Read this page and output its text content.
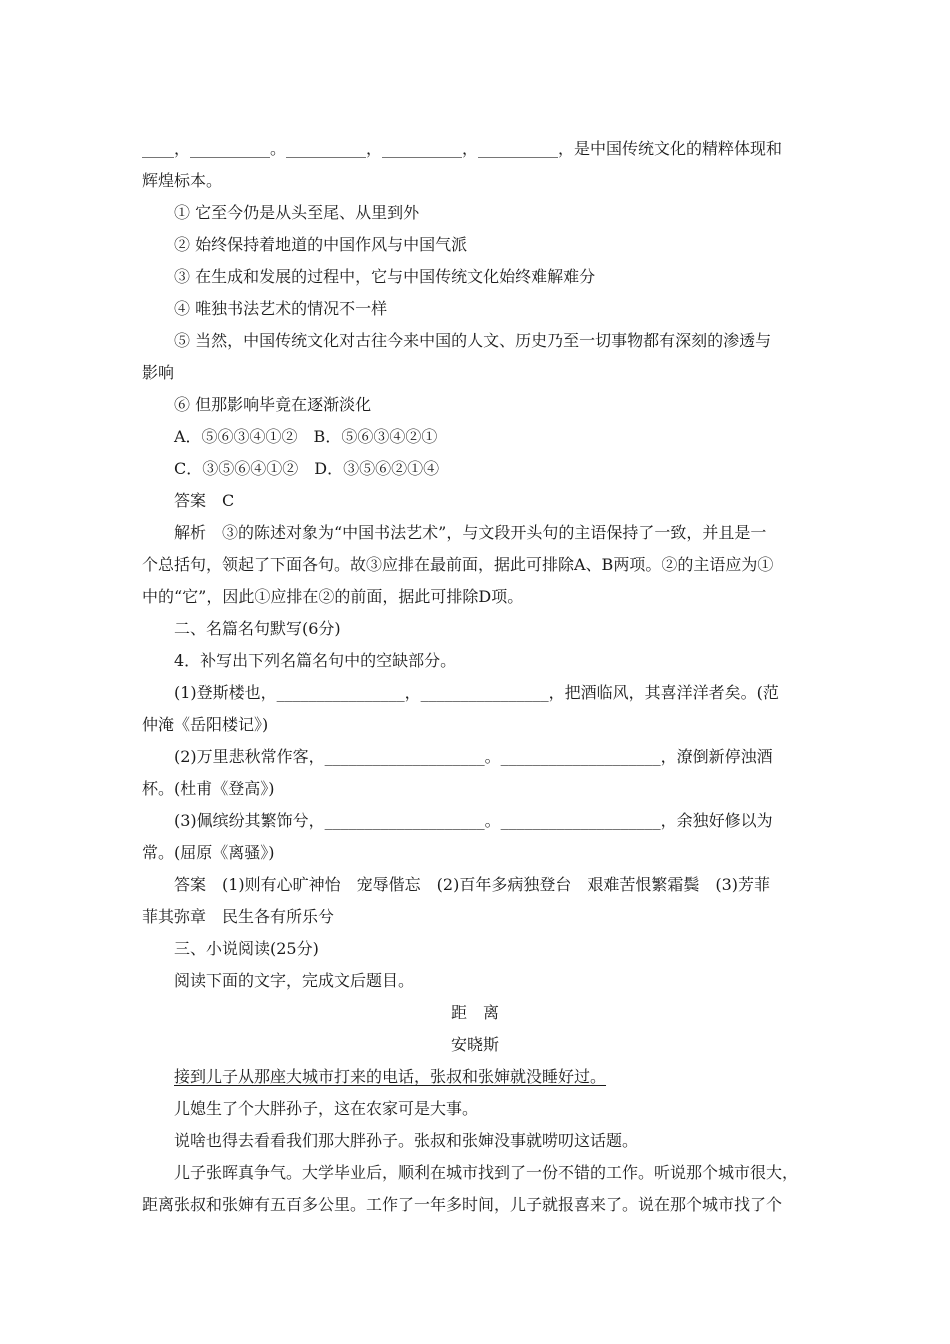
____，__________。__________，__________，__________，是中国传统文化的精粹体现和
辉煌标本。
① 它至今仍是从头至尾、从里到外
② 始终保持着地道的中国作风与中国气派
③ 在生成和发展的过程中，它与中国传统文化始终难解难分
④ 唯独书法艺术的情况不一样
⑤ 当然，中国传统文化对古往今来中国的人文、历史乃至一切事物都有深刻的渗透与
影响
⑥ 但那影响毕竟在逐渐淡化
A．⑤⑥③④①②　B．⑤⑥③④②①
C．③⑤⑥④①②　D．③⑤⑥②①④
答案　C
解析　③的陈述对象为“中国书法艺术”，与文段开头句的主语保持了一致，并且是一
个总括句，领起了下面各句。故③应排在最前面，据此可排除A、B两项。②的主语应为①
中的“它”，因此①应排在②的前面，据此可排除D项。
二、名篇名句默写(6分)
4．补写出下列名篇名句中的空缺部分。
(1)登斯楼也，________________，________________，把酒临风，其喜洋洋者矣。(范
仲淹《岳阳楼记》)
(2)万里悲秋常作客，____________________。____________________，潦倒新停浊酒
杯。(杜甫《登高》)
(3)佩缤纷其繁饰兮，____________________。____________________，余独好修以为
常。(屈原《离骚》)
答案　(1)则有心旷神怡　宠辱偕忘　(2)百年多病独登台　艰难苦恨繁霜鬓　(3)芳菲
菲其弥章　民生各有所乐兮
三、小说阅读(25分)
阅读下面的文字，完成文后题目。
距　离
安晓斯
接到儿子从那座大城市打来的电话，张叔和张婶就没睡好过。
儿媳生了个大胖孙子，这在农家可是大事。
说啥也得去看看我们那大胖孙子。张叔和张婶没事就唠叨这话题。
儿子张晖真争气。大学毕业后，顺利在城市找到了一份不错的工作。听说那个城市很大，
距离张叔和张婶有五百多公里。工作了一年多时间，儿子就报喜来了。说在那个城市找了个
